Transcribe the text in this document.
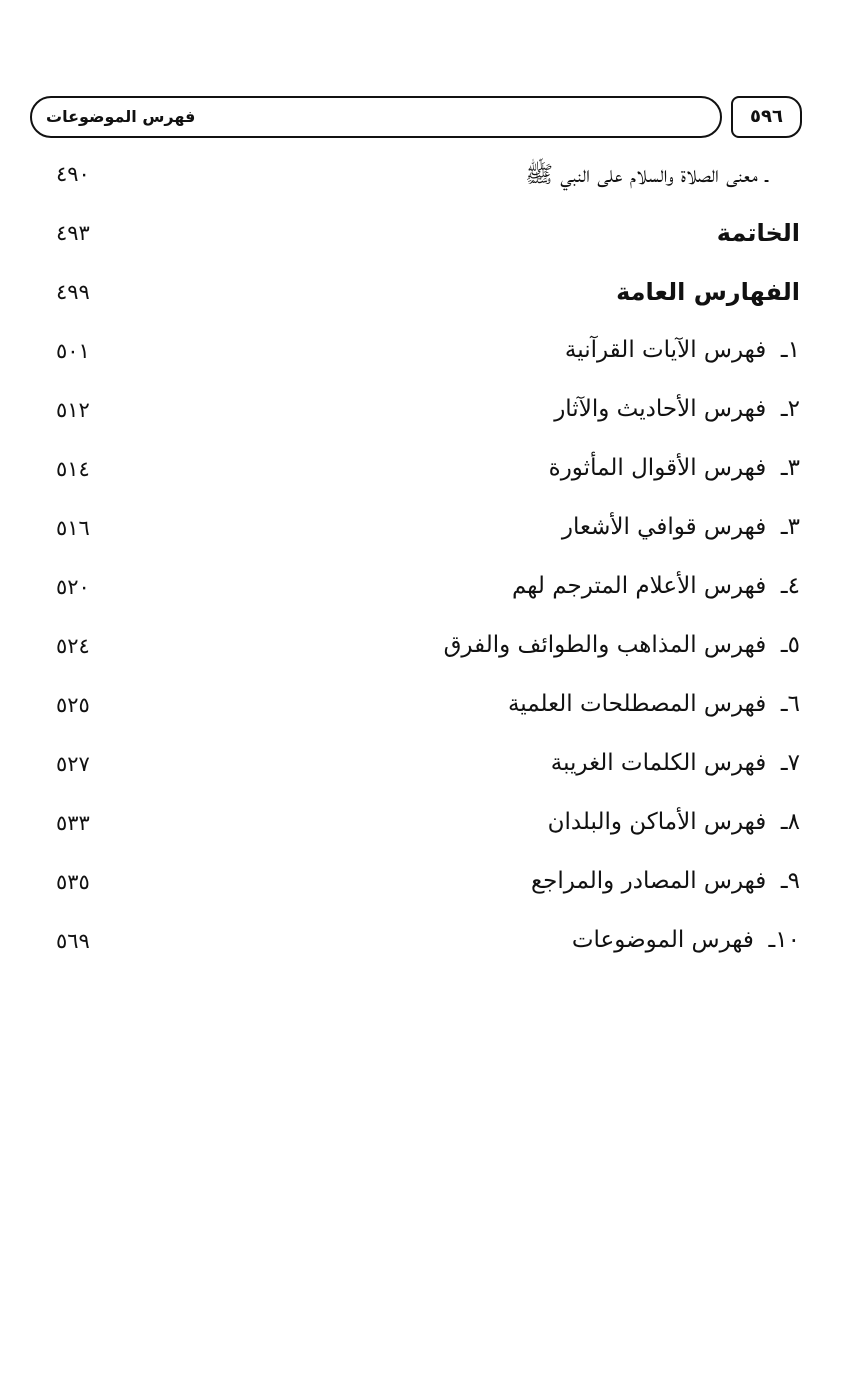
فهرس الموضوعات	٥٩٦
ـ معنى الصلاة والسلام على النبي ﷺ
٤٩٠
الخاتمة
٤٩٣
الفهارس العامة
٤٩٩
١ـ  فهرس الآيات القرآنية
٥٠١
٢ـ  فهرس الأحاديث والآثار
٥١٢
٣ـ  فهرس الأقوال المأثورة
٥١٤
٣ـ  فهرس قوافي الأشعار
٥١٦
٤ـ  فهرس الأعلام المترجم لهم
٥٢٠
٥ـ  فهرس المذاهب والطوائف والفرق
٥٢٤
٦ـ  فهرس المصطلحات العلمية
٥٢٥
٧ـ  فهرس الكلمات الغريبة
٥٢٧
٨ـ  فهرس الأماكن والبلدان
٥٣٣
٩ـ  فهرس المصادر والمراجع
٥٣٥
١٠ـ  فهرس الموضوعات
٥٦٩
